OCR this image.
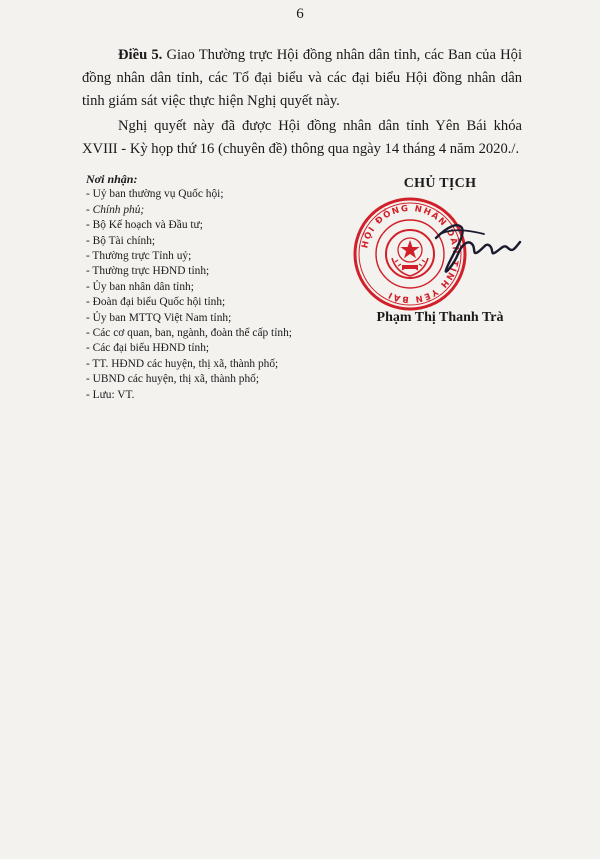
6

Điều 5. Giao Thường trực Hội đồng nhân dân tỉnh, các Ban của Hội đồng nhân dân tỉnh, các Tổ đại biểu và các đại biểu Hội đồng nhân dân tỉnh giám sát việc thực hiện Nghị quyết này.

Nghị quyết này đã được Hội đồng nhân dân tỉnh Yên Bái khóa XVIII - Kỳ họp thứ 16 (chuyên đề) thông qua ngày 14 tháng 4 năm 2020./.

Nơi nhận:
- Uỷ ban thường vụ Quốc hội;
- Chính phủ;
- Bộ Kế hoạch và Đầu tư;
- Bộ Tài chính;
- Thường trực Tỉnh uỷ;
- Thường trực HĐND tỉnh;
- Ủy ban nhân dân tỉnh;
- Đoàn đại biểu Quốc hội tỉnh;
- Ủy ban MTTQ Việt Nam tỉnh;
- Các cơ quan, ban, ngành, đoàn thể cấp tỉnh;
- Các đại biểu HĐND tỉnh;
- TT. HĐND các huyện, thị xã, thành phố;
- UBND các huyện, thị xã, thành phố;
- Lưu: VT.
CHỦ TỊCH
HỘI ĐỒNG NHÂN DÂN TỈNH YÊN BÁI
Phạm Thị Thanh Trà
